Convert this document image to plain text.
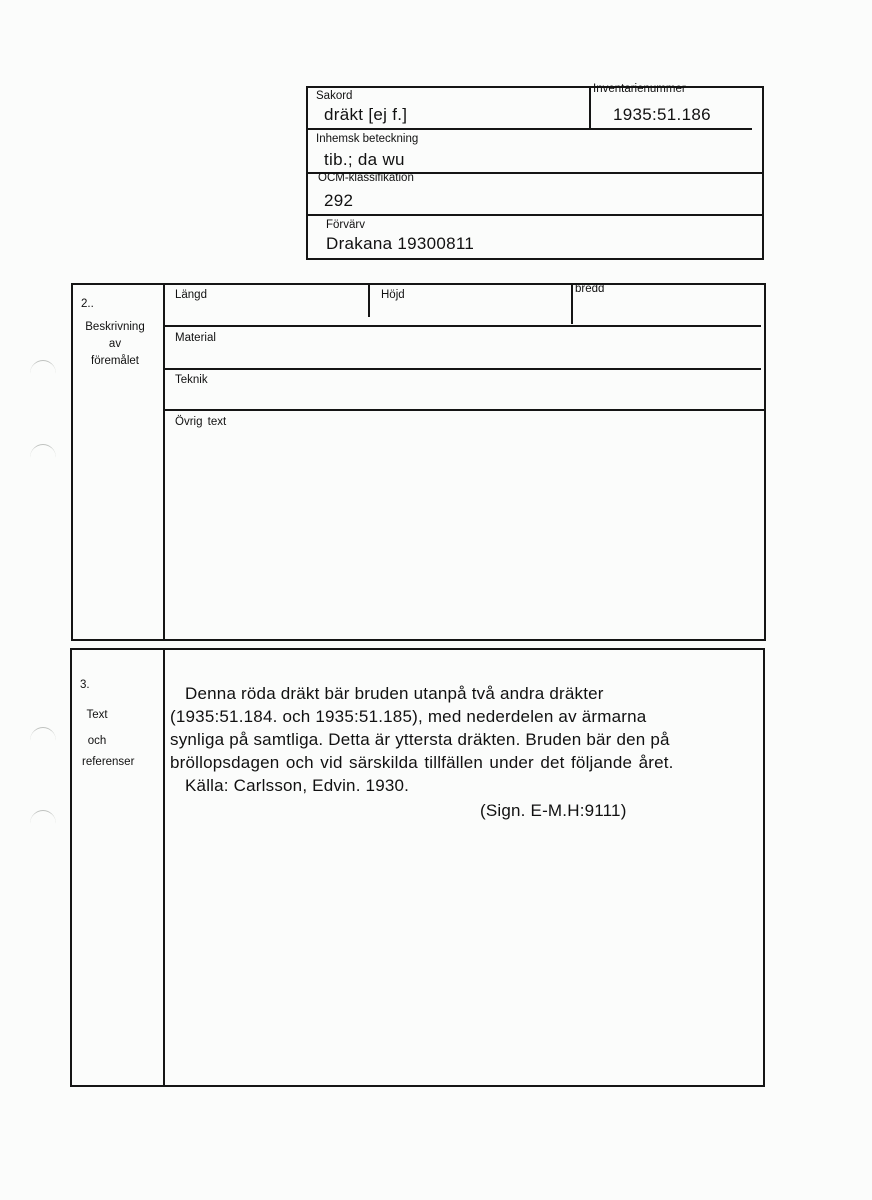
Sakord
dräkt [ej f.]
Inventarienummer
1935:51.186
Inhemsk beteckning
tib.; da wu
OCM-klassifikation
292
Förvärv
Drakana 19300811
2..
Beskrivning
av
föremålet
Längd	Höjd	bredd
Material
Teknik
Övrig text
3.
Text
och
referenser
Denna röda dräkt bär bruden utanpå två andra dräkter
(1935:51.184. och 1935:51.185), med nederdelen av ärmarna
synliga på samtliga. Detta är yttersta dräkten. Bruden bär den på
bröllopsdagen och vid särskilda tillfällen under det följande året.
Källa: Carlsson, Edvin. 1930.
(Sign. E-M.H:9111)
